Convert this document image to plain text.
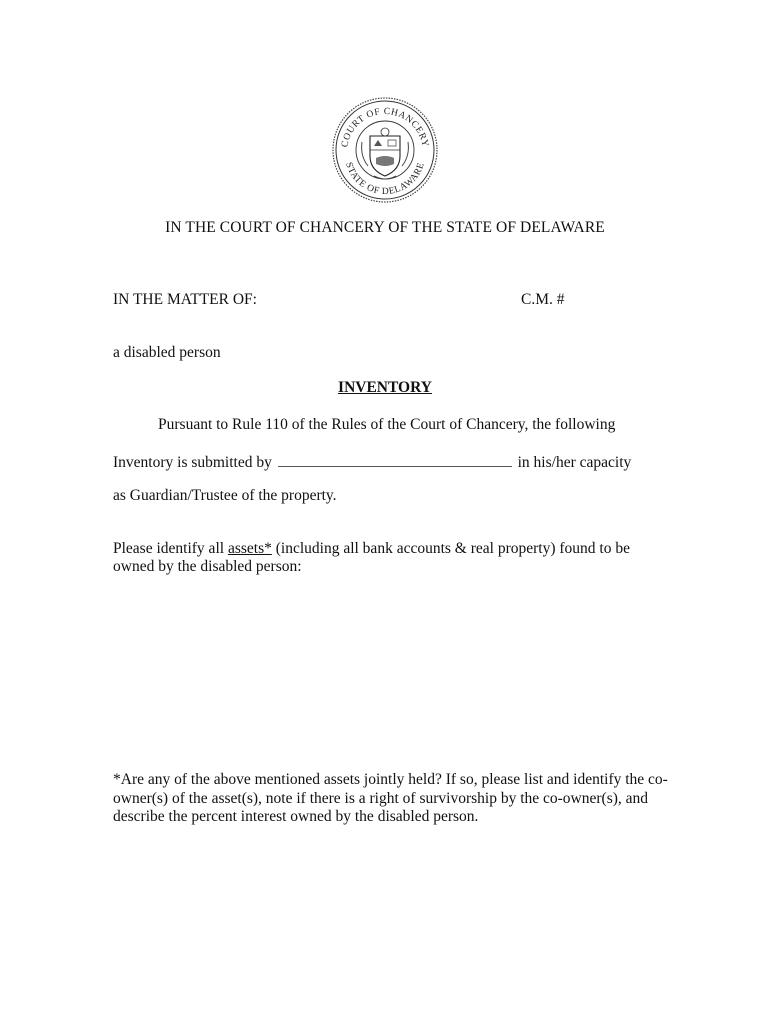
COURT OF CHANCERY
STATE OF DELAWARE
IN THE COURT OF CHANCERY OF THE STATE OF DELAWARE
IN THE MATTER OF:	C.M. #
a disabled person
INVENTORY
Pursuant to Rule 110 of the Rules of the Court of Chancery, the following
Inventory is submitted by	in his/her capacity
as Guardian/Trustee of the property.
Please identify all assets* (including all bank accounts & real property) found to be owned by the disabled person:
*Are any of the above mentioned assets jointly held? If so, please list and identify the co-owner(s) of the asset(s), note if there is a right of survivorship by the co-owner(s), and describe the percent interest owned by the disabled person.
